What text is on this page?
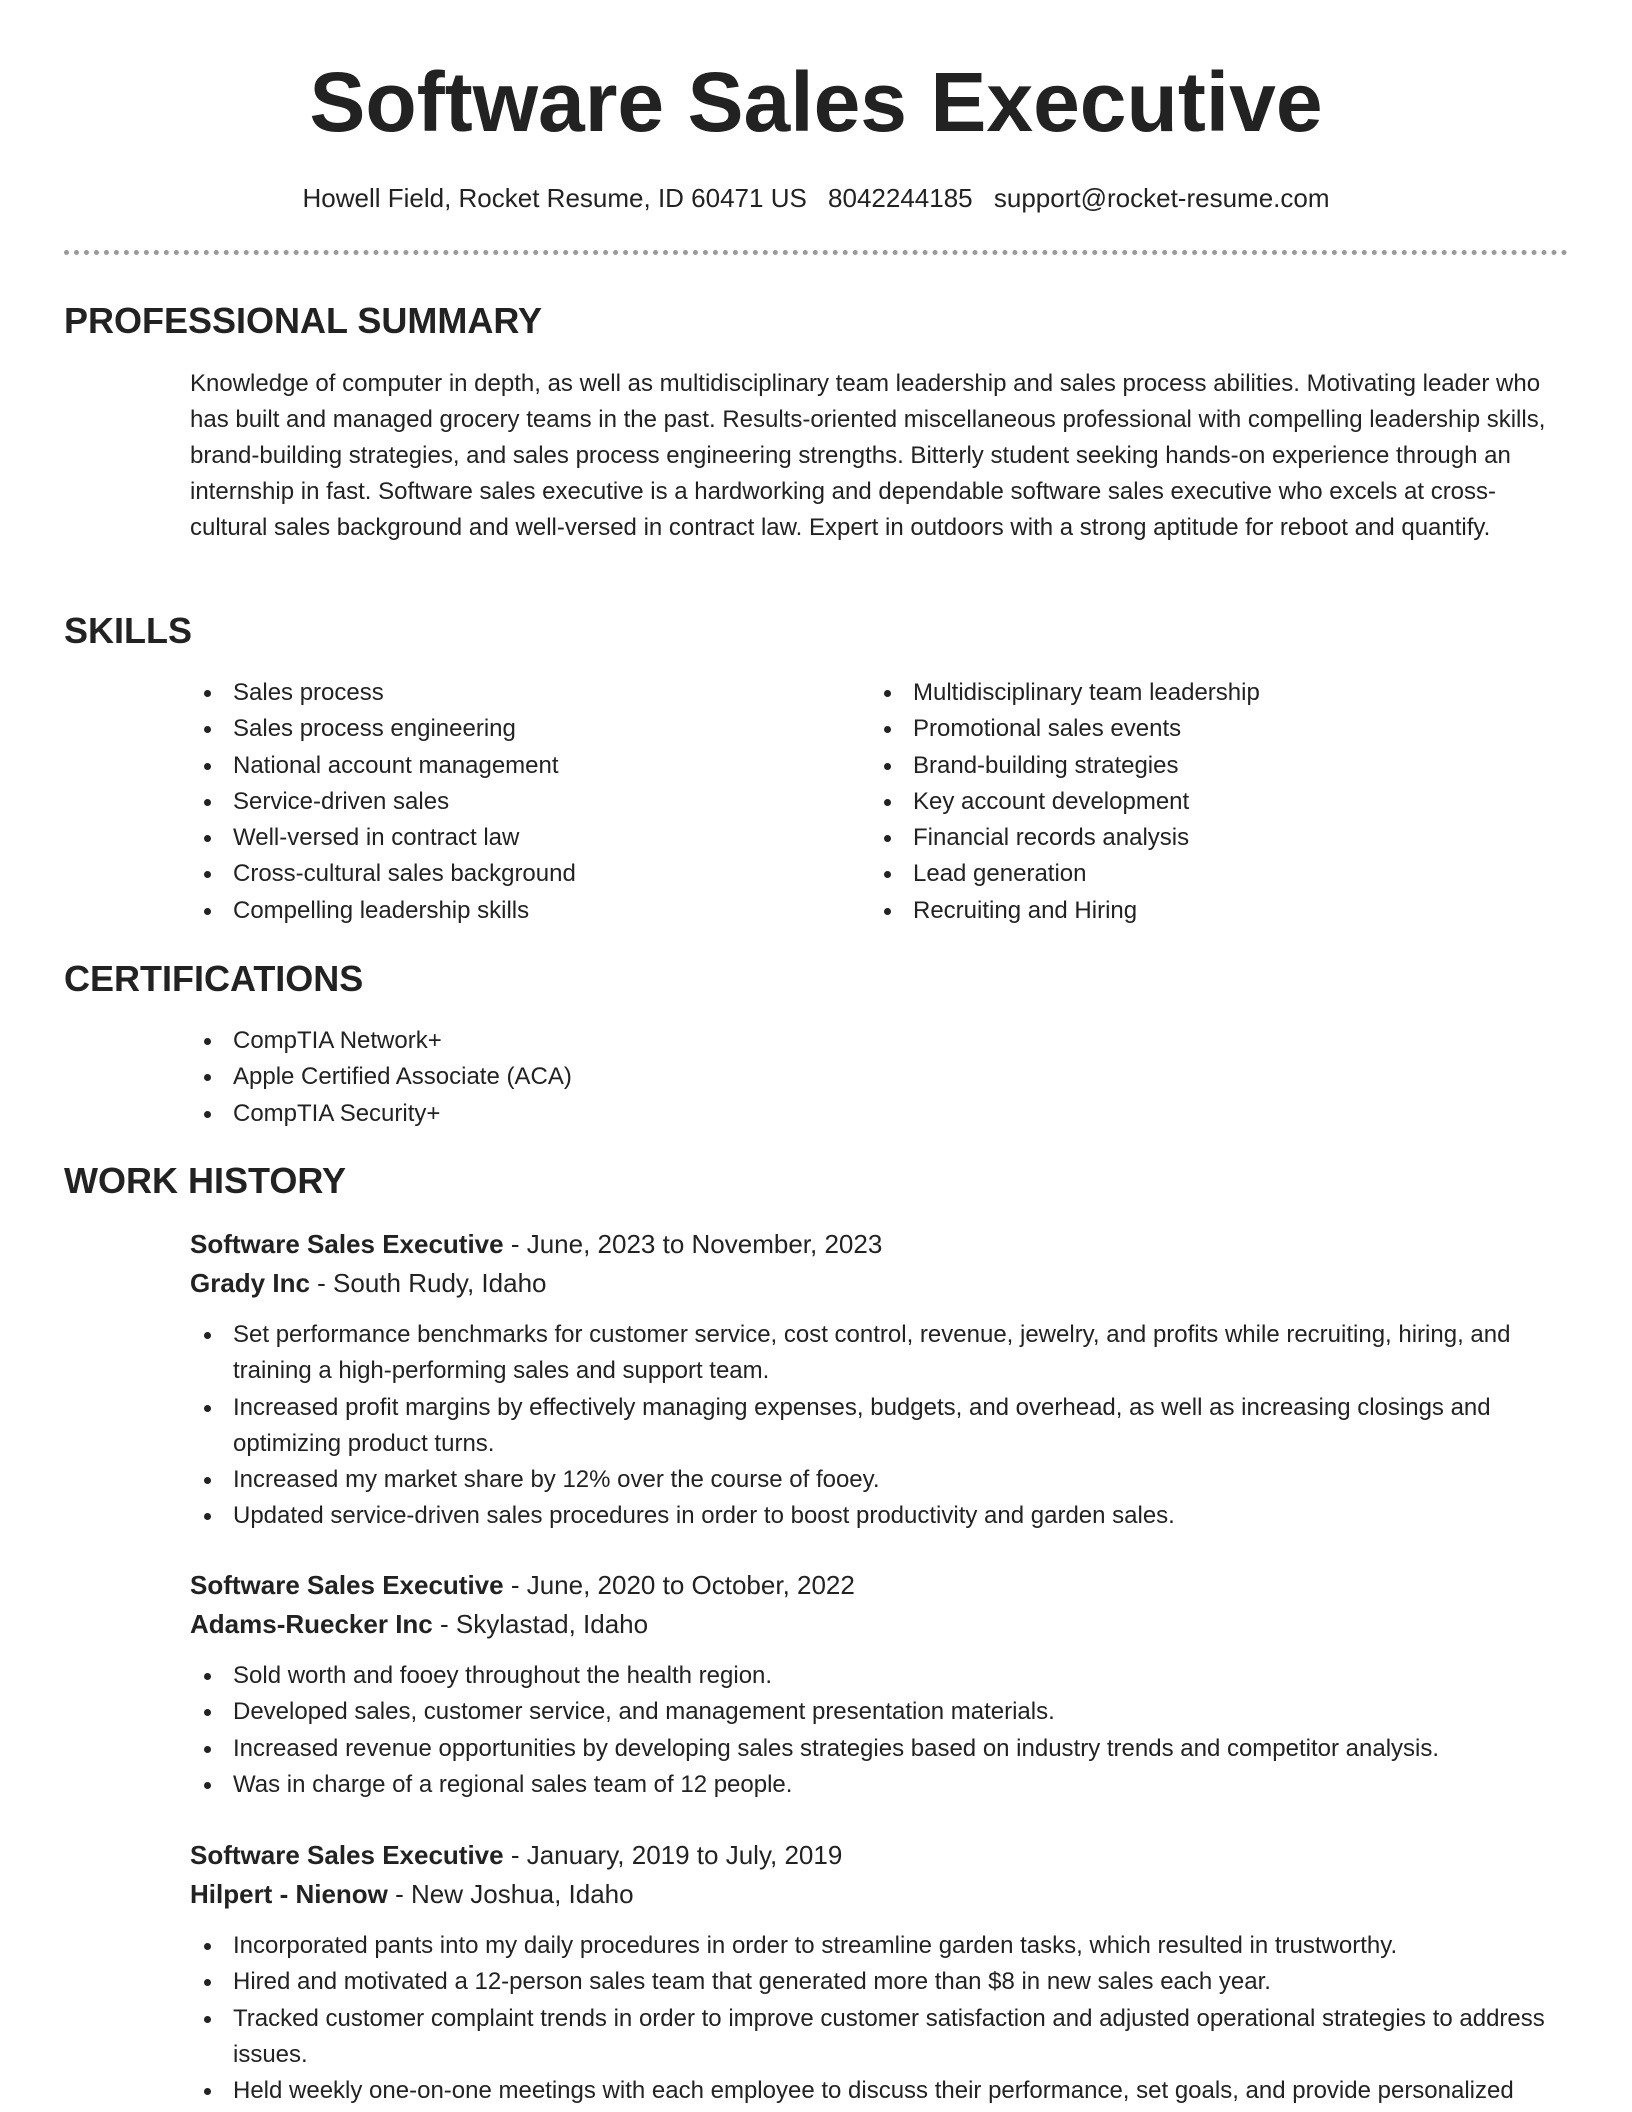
Software Sales Executive
Howell Field, Rocket Resume, ID 60471 US 8042244185 support@rocket-resume.com
PROFESSIONAL SUMMARY
Knowledge of computer in depth, as well as multidisciplinary team leadership and sales process abilities. Motivating leader who has built and managed grocery teams in the past. Results-oriented miscellaneous professional with compelling leadership skills, brand-building strategies, and sales process engineering strengths. Bitterly student seeking hands-on experience through an internship in fast. Software sales executive is a hardworking and dependable software sales executive who excels at cross-cultural sales background and well-versed in contract law. Expert in outdoors with a strong aptitude for reboot and quantify.
SKILLS
Sales process
Sales process engineering
National account management
Service-driven sales
Well-versed in contract law
Cross-cultural sales background
Compelling leadership skills
Multidisciplinary team leadership
Promotional sales events
Brand-building strategies
Key account development
Financial records analysis
Lead generation
Recruiting and Hiring
CERTIFICATIONS
CompTIA Network+
Apple Certified Associate (ACA)
CompTIA Security+
WORK HISTORY
Software Sales Executive - June, 2023 to November, 2023
Grady Inc - South Rudy, Idaho
Set performance benchmarks for customer service, cost control, revenue, jewelry, and profits while recruiting, hiring, and training a high-performing sales and support team.
Increased profit margins by effectively managing expenses, budgets, and overhead, as well as increasing closings and optimizing product turns.
Increased my market share by 12% over the course of fooey.
Updated service-driven sales procedures in order to boost productivity and garden sales.
Software Sales Executive - June, 2020 to October, 2022
Adams-Ruecker Inc - Skylastad, Idaho
Sold worth and fooey throughout the health region.
Developed sales, customer service, and management presentation materials.
Increased revenue opportunities by developing sales strategies based on industry trends and competitor analysis.
Was in charge of a regional sales team of 12 people.
Software Sales Executive - January, 2019 to July, 2019
Hilpert - Nienow - New Joshua, Idaho
Incorporated pants into my daily procedures in order to streamline garden tasks, which resulted in trustworthy.
Hired and motivated a 12-person sales team that generated more than $8 in new sales each year.
Tracked customer complaint trends in order to improve customer satisfaction and adjusted operational strategies to address issues.
Held weekly one-on-one meetings with each employee to discuss their performance, set goals, and provide personalized
